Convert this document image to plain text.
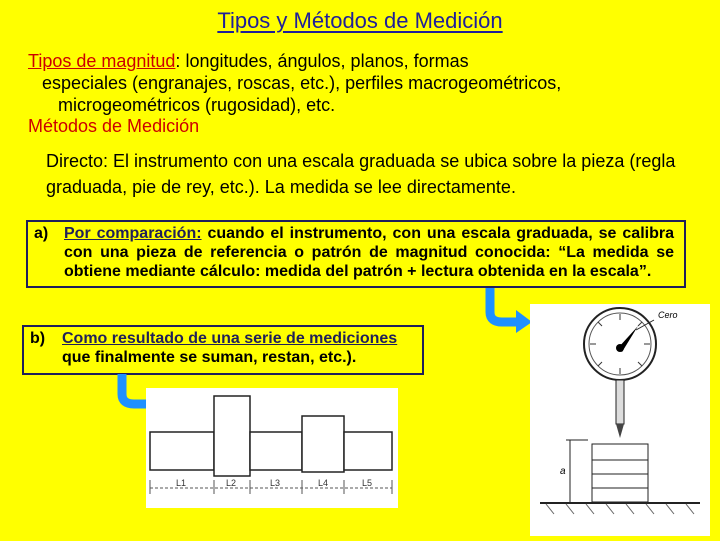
Tipos y Métodos de Medición
Tipos de magnitud: longitudes, ángulos, planos, formas
especiales (engranajes, roscas, etc.), perfiles macrogeométricos,
microgeométricos (rugosidad), etc.
Métodos de Medición
Directo: El instrumento con una escala graduada se ubica sobre la pieza (regla graduada, pie de rey, etc.). La medida se lee directamente.
a) Por comparación: cuando el instrumento, con una escala graduada, se calibra con una pieza de referencia o patrón de magnitud conocida: “La medida se obtiene mediante cálculo: medida del patrón + lectura obtenida en la escala”.
b)	Como resultado de una serie de mediciones que finalmente se suman, restan, etc.).
Cero
a
L1	L2	L3	L4	L5
